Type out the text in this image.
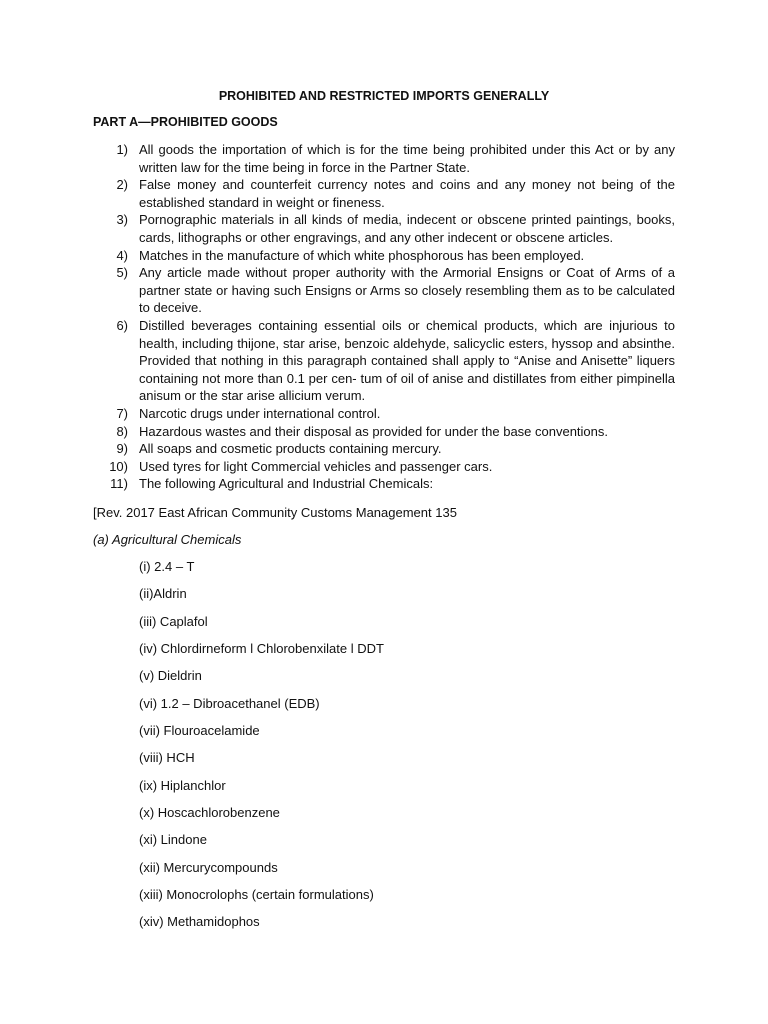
PROHIBITED AND RESTRICTED IMPORTS GENERALLY
PART A—PROHIBITED GOODS
1) All goods the importation of which is for the time being prohibited under this Act or by any written law for the time being in force in the Partner State.
2) False money and counterfeit currency notes and coins and any money not being of the established standard in weight or fineness.
3) Pornographic materials in all kinds of media, indecent or obscene printed paintings, books, cards, lithographs or other engravings, and any other indecent or obscene articles.
4) Matches in the manufacture of which white phosphorous has been employed.
5) Any article made without proper authority with the Armorial Ensigns or Coat of Arms of a partner state or having such Ensigns or Arms so closely resembling them as to be calculated to deceive.
6) Distilled beverages containing essential oils or chemical products, which are injurious to health, including thijone, star arise, benzoic aldehyde, salicyclic esters, hyssop and absinthe. Provided that nothing in this paragraph contained shall apply to “Anise and Anisette” liquers containing not more than 0.1 per cen- tum of oil of anise and distillates from either pimpinella anisum or the star arise allicium verum.
7) Narcotic drugs under international control.
8) Hazardous wastes and their disposal as provided for under the base conventions.
9) All soaps and cosmetic products containing mercury.
10) Used tyres for light Commercial vehicles and passenger cars.
11) The following Agricultural and Industrial Chemicals:
[Rev. 2017 East African Community Customs Management 135
(a) Agricultural Chemicals
(i) 2.4 – T
(ii)Aldrin
(iii) Caplafol
(iv) Chlordirneform l Chlorobenxilate l DDT
(v) Dieldrin
(vi) 1.2 – Dibroacethanel (EDB)
(vii) Flouroacelamide
(viii) HCH
(ix) Hiplanchlor
(x) Hoscachlorobenzene
(xi) Lindone
(xii) Mercurycompounds
(xiii) Monocrolophs (certain formulations)
(xiv) Methamidophos
